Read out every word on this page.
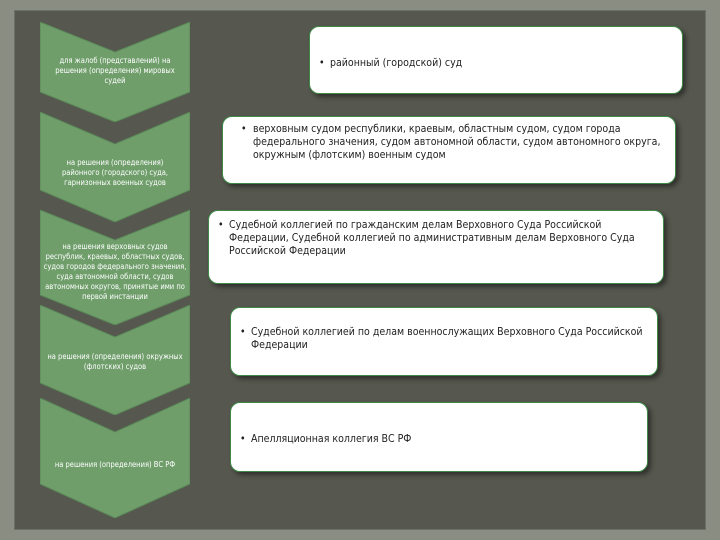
для жалоб (представлений) на решения (определения) мировых судей
на решения (определения) районного (городского) суда, гарнизонных военных судов
на решения верховных судов республик, краевых, областных судов, судов городов федерального значения, суда автономной области, судов автономных округов, принятые ими по первой инстанции
на решения (определения) окружных (флотских) судов
на решения (определения) ВС РФ
• районный (городской) суд
• верховным судом республики, краевым, областным судом, судом города федерального значения, судом автономной области, судом автономного округа, окружным (флотским) военным судом
• Судебной коллегией по гражданским делам Верховного Суда Российской Федерации, Судебной коллегией по административным делам Верховного Суда Российской Федерации
• Судебной коллегией по делам военнослужащих Верховного Суда Российской Федерации
• Апелляционная коллегия ВС РФ
